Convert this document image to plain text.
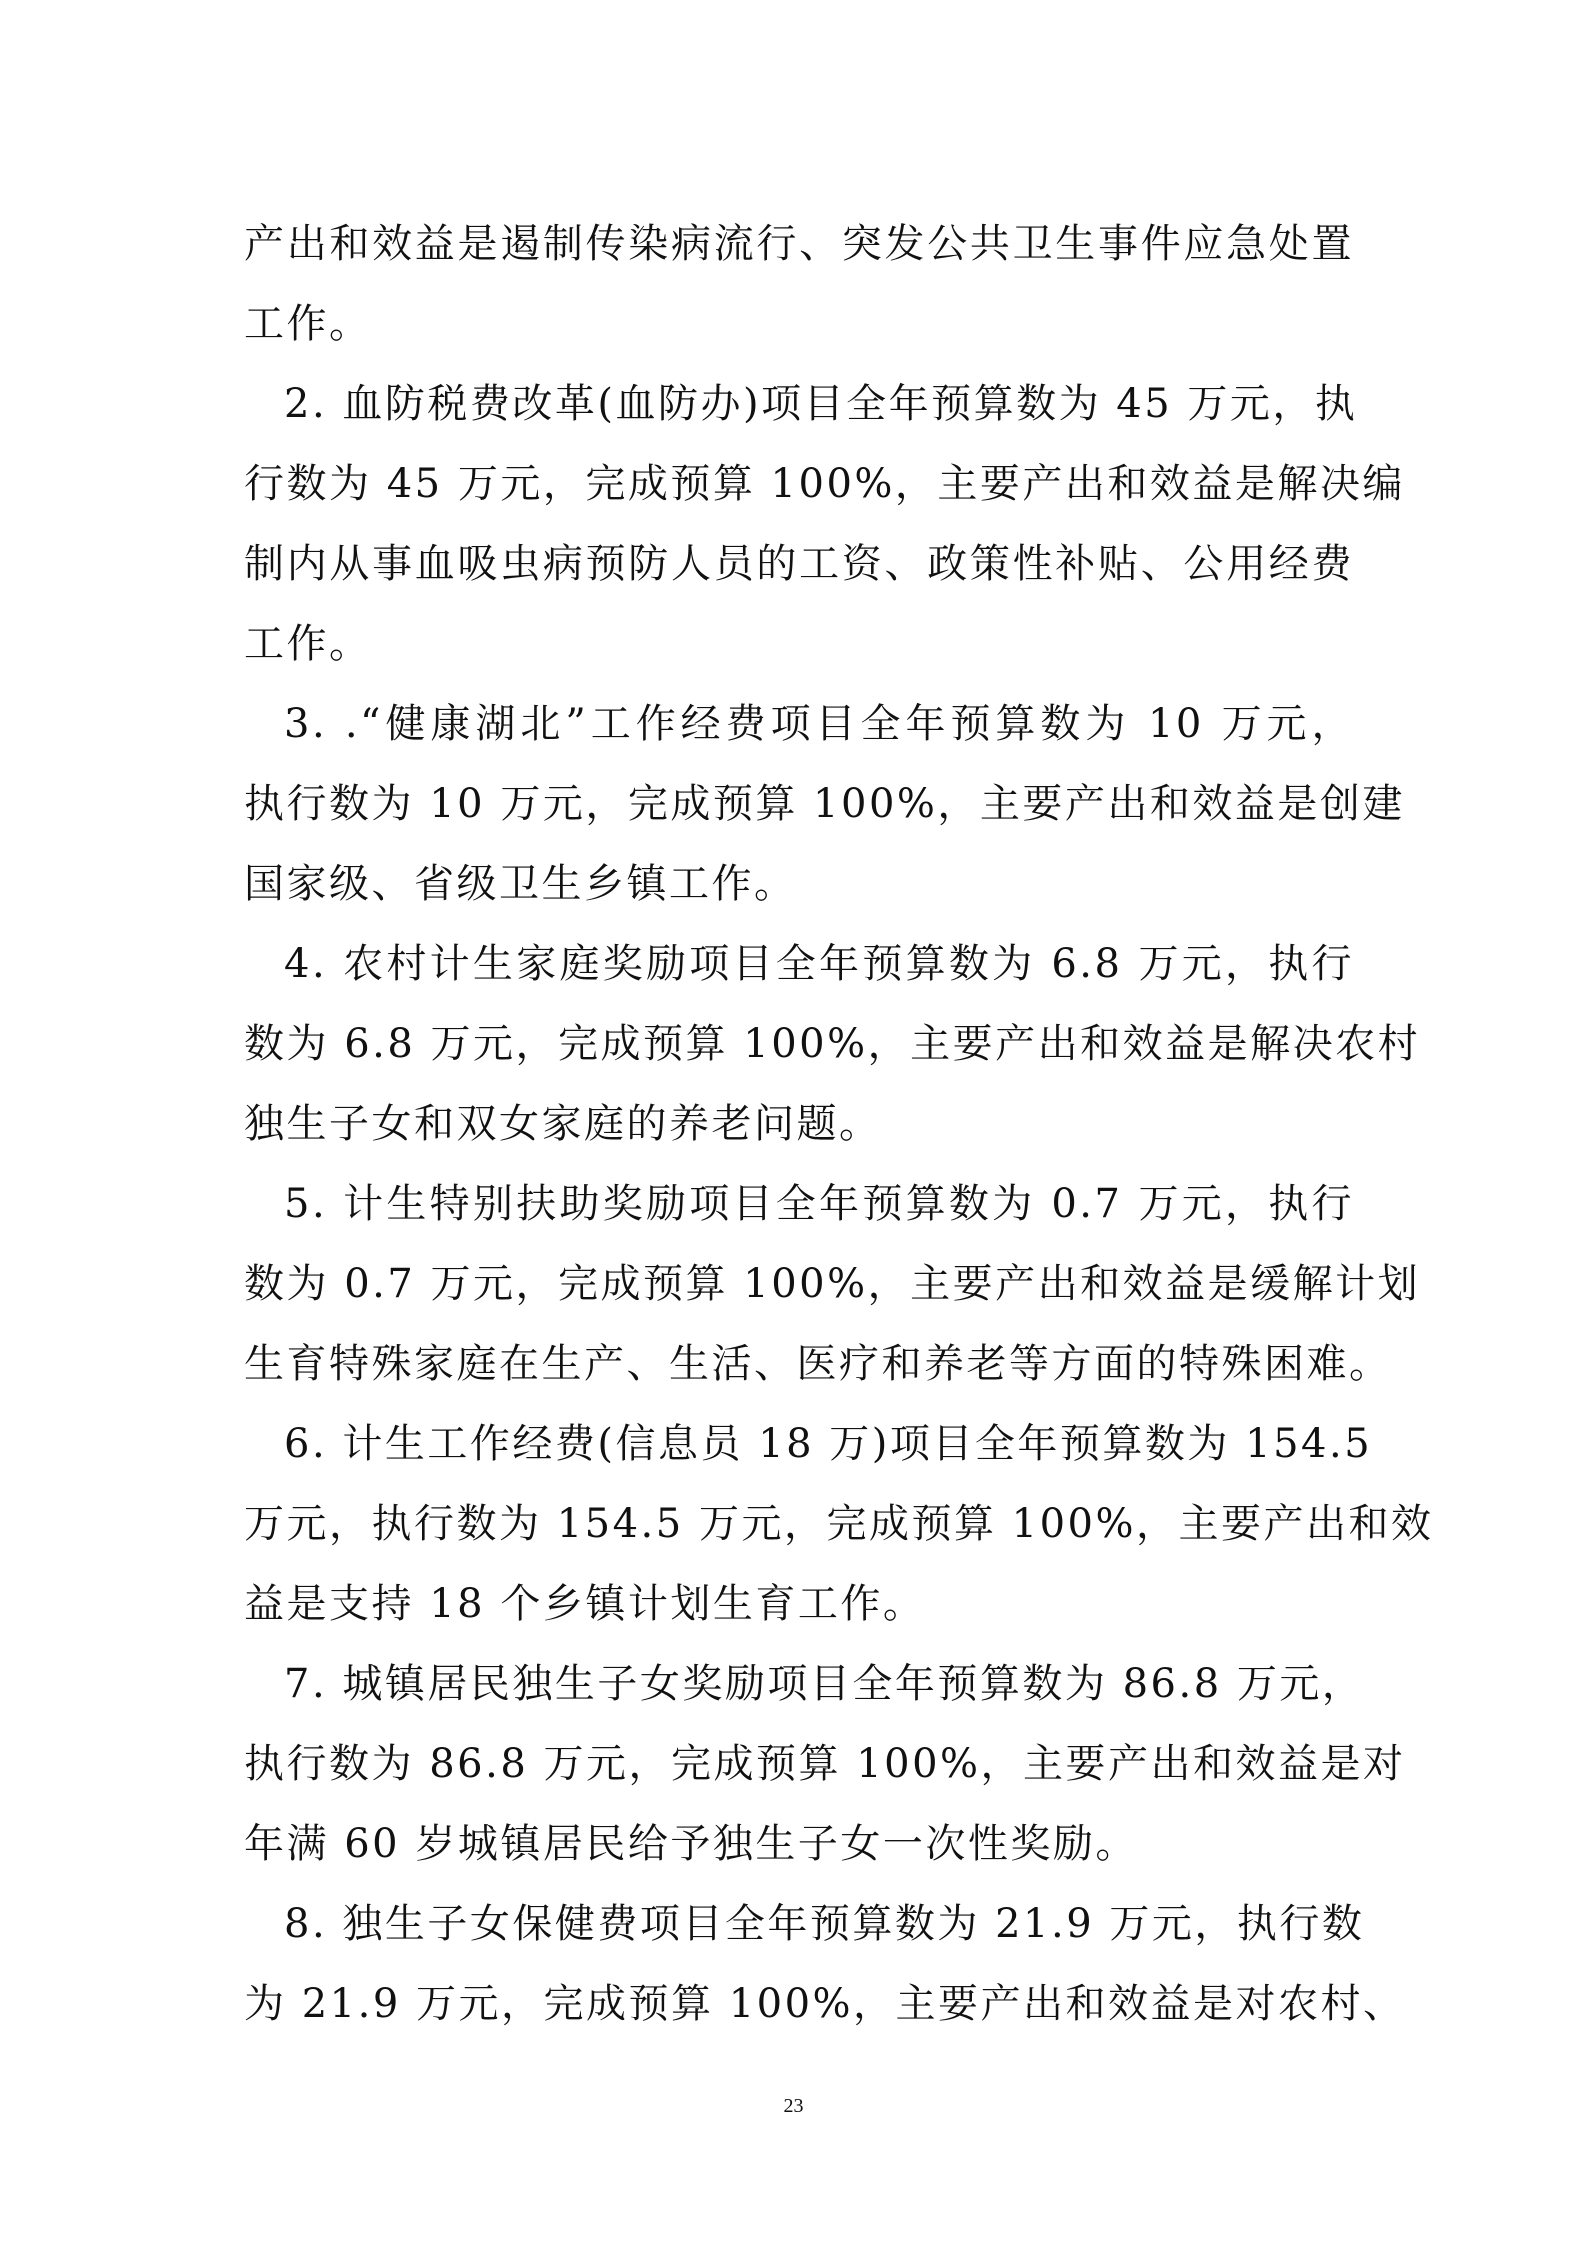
产出和效益是遏制传染病流行、突发公共卫生事件应急处置
工作。
2. 血防税费改革(血防办)项目全年预算数为 45 万元，执
行数为 45 万元，完成预算 100%，主要产出和效益是解决编
制内从事血吸虫病预防人员的工资、政策性补贴、公用经费
工作。
3. .“健康湖北”工作经费项目全年预算数为 10 万元，
执行数为 10 万元，完成预算 100%，主要产出和效益是创建
国家级、省级卫生乡镇工作。
4. 农村计生家庭奖励项目全年预算数为 6.8 万元，执行
数为 6.8 万元，完成预算 100%，主要产出和效益是解决农村
独生子女和双女家庭的养老问题。
5. 计生特别扶助奖励项目全年预算数为 0.7 万元，执行
数为 0.7 万元，完成预算 100%，主要产出和效益是缓解计划
生育特殊家庭在生产、生活、医疗和养老等方面的特殊困难。
6. 计生工作经费(信息员 18 万)项目全年预算数为 154.5
万元，执行数为 154.5 万元，完成预算 100%，主要产出和效
益是支持 18 个乡镇计划生育工作。
7. 城镇居民独生子女奖励项目全年预算数为 86.8 万元，
执行数为 86.8 万元，完成预算 100%，主要产出和效益是对
年满 60 岁城镇居民给予独生子女一次性奖励。
8. 独生子女保健费项目全年预算数为 21.9 万元，执行数
为 21.9 万元，完成预算 100%，主要产出和效益是对农村、
23
